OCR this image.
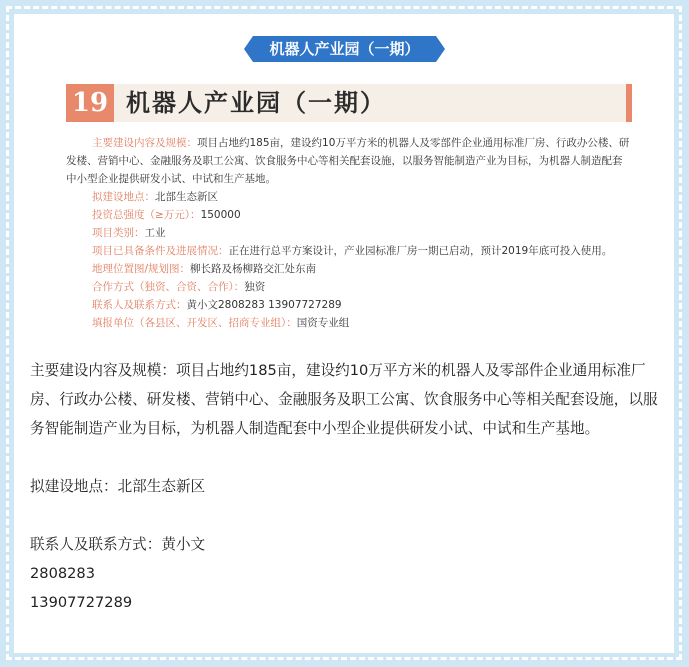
机器人产业园（一期）
19 机器人产业园（一期）
主要建设内容及规模：项目占地约185亩，建设约10万平方米的机器人及零部件企业通用标准厂房、行政办公楼、研发楼、营销中心、金融服务及职工公寓、饮食服务中心等相关配套设施，以服务智能制造产业为目标，为机器人制造配套中小型企业提供研发小试、中试和生产基地。
拟建设地点：北部生态新区
投资总强度（≥万元）：150000
项目类别：工业
项目已具备条件及进展情况：正在进行总平方案设计，产业园标准厂房一期已启动，预计2019年底可投入使用。
地理位置图/规划图：柳长路及杨柳路交汇处东南
合作方式（独资、合资、合作）：独资
联系人及联系方式：黄小文2808283 13907727289
填报单位（各县区、开发区、招商专业组）：国资专业组

主要建设内容及规模：项目占地约185亩，建设约10万平方米的机器人及零部件企业通用标准厂房、行政办公楼、研发楼、营销中心、金融服务及职工公寓、饮食服务中心等相关配套设施，以服务智能制造产业为目标，为机器人制造配套中小型企业提供研发小试、中试和生产基地。

拟建设地点：北部生态新区

联系人及联系方式：黄小文

2808283

13907727289
